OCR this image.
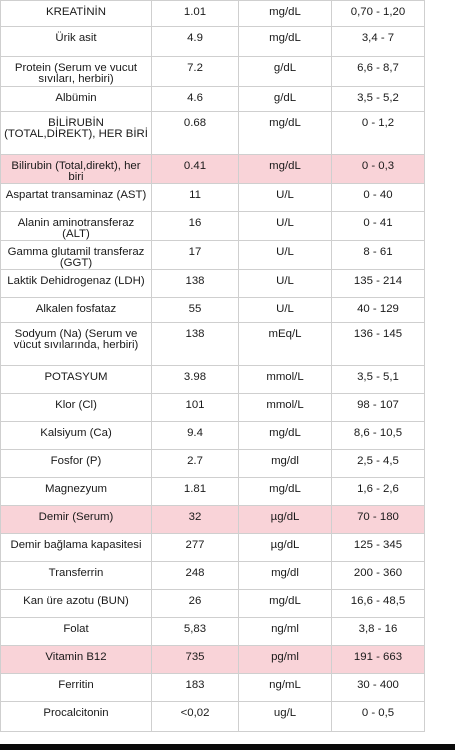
KREATİNİN	1.01	mg/dL	0,70 - 1,20
Ürik asit	4.9	mg/dL	3,4 - 7
Protein (Serum ve vucut sıvıları, herbiri)	7.2	g/dL	6,6 - 8,7
Albümin	4.6	g/dL	3,5 - 5,2
BİLİRUBİN (TOTAL,DİREKT), HER BİRİ	0.68	mg/dL	0 - 1,2
Bilirubin (Total,direkt), her biri	0.41	mg/dL	0 - 0,3
Aspartat transaminaz (AST)	11	U/L	0 - 40
Alanin aminotransferaz (ALT)	16	U/L	0 - 41
Gamma glutamil transferaz (GGT)	17	U/L	8 - 61
Laktik Dehidrogenaz (LDH)	138	U/L	135 - 214
Alkalen fosfataz	55	U/L	40 - 129
Sodyum (Na) (Serum ve vücut sıvılarında, herbiri)	138	mEq/L	136 - 145
POTASYUM	3.98	mmol/L	3,5 - 5,1
Klor (Cl)	101	mmol/L	98 - 107
Kalsiyum (Ca)	9.4	mg/dL	8,6 - 10,5
Fosfor (P)	2.7	mg/dl	2,5 - 4,5
Magnezyum	1.81	mg/dL	1,6 - 2,6
Demir (Serum)	32	µg/dL	70 - 180
Demir bağlama kapasitesi	277	µg/dL	125 - 345
Transferrin	248	mg/dl	200 - 360
Kan üre azotu (BUN)	26	mg/dL	16,6 - 48,5
Folat	5,83	ng/ml	3,8 - 16
Vitamin B12	735	pg/ml	191 - 663
Ferritin	183	ng/mL	30 - 400
Procalcitonin	<0,02	ug/L	0 - 0,5
